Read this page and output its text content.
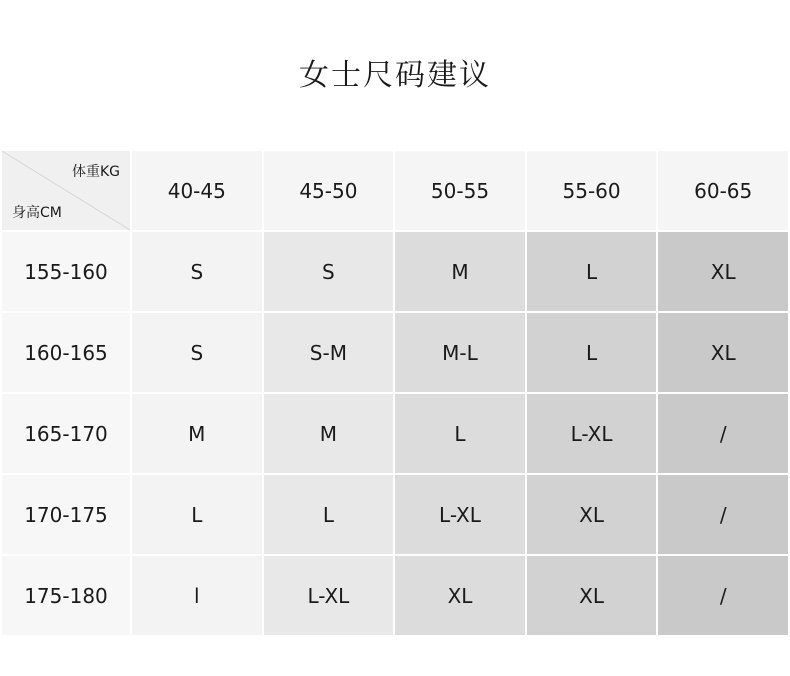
女士尺码建议
体重KG
身高CM	40-45	45-50	50-55	55-60	60-65
155-160	S	S	M	L	XL
160-165	S	S-M	M-L	L	XL
165-170	M	M	L	L-XL	/
170-175	L	L	L-XL	XL	/
175-180	l	L-XL	XL	XL	/
